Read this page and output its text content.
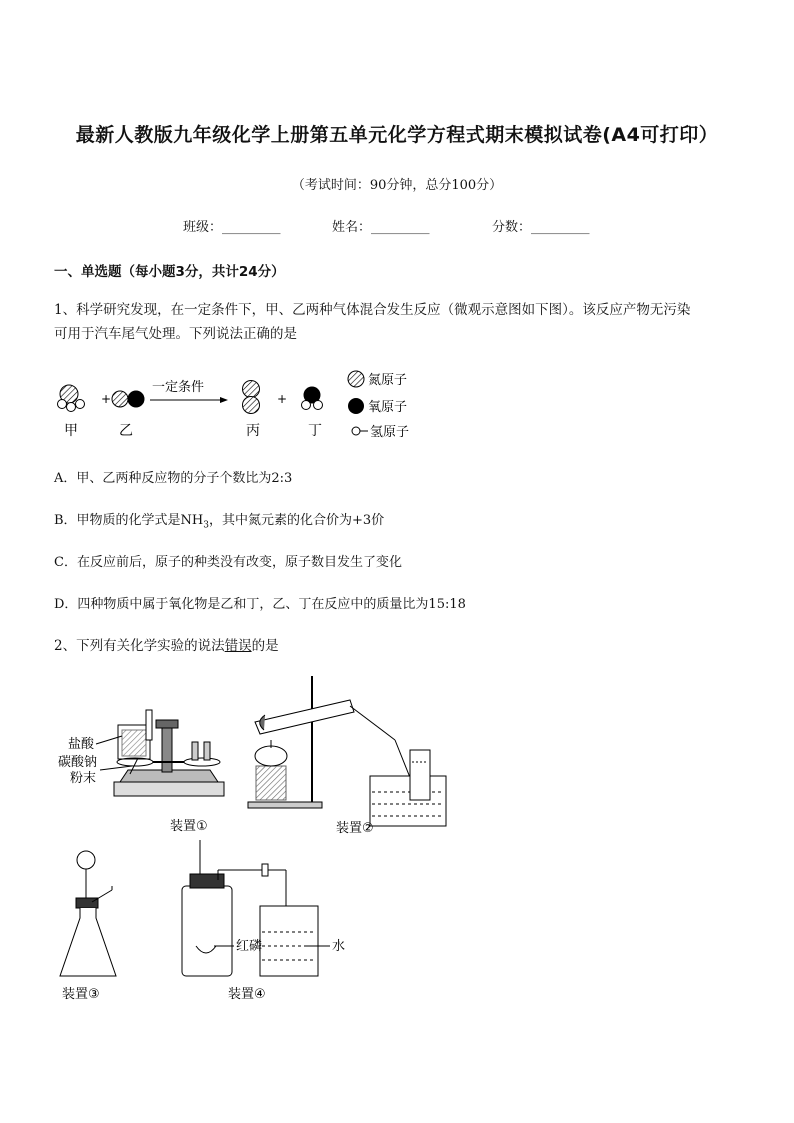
最新人教版九年级化学上册第五单元化学方程式期末模拟试卷(A4可打印）
（考试时间：90分钟，总分100分）
班级：_________	姓名：_________	分数：_________
一、单选题（每小题3分，共计24分）
1、科学研究发现，在一定条件下，甲、乙两种气体混合发生反应（微观示意图如下图）。该反应产物无污染
可用于汽车尾气处理。下列说法正确的是
+
一定条件
+
甲	乙	丙	丁
氮原子
氧原子
氢原子
A．甲、乙两种反应物的分子个数比为2:3
B．甲物质的化学式是$NH_3$，其中氮元素的化合价为+3价
C．在反应前后，原子的种类没有改变，原子数目发生了变化
D．四种物质中属于氧化物是乙和丁，乙、丁在反应中的质量比为15:18
2、下列有关化学实验的说法错误的是
盐酸
碳酸钠
粉末
装置①	装置②
装置③
红磷	水
装置④
